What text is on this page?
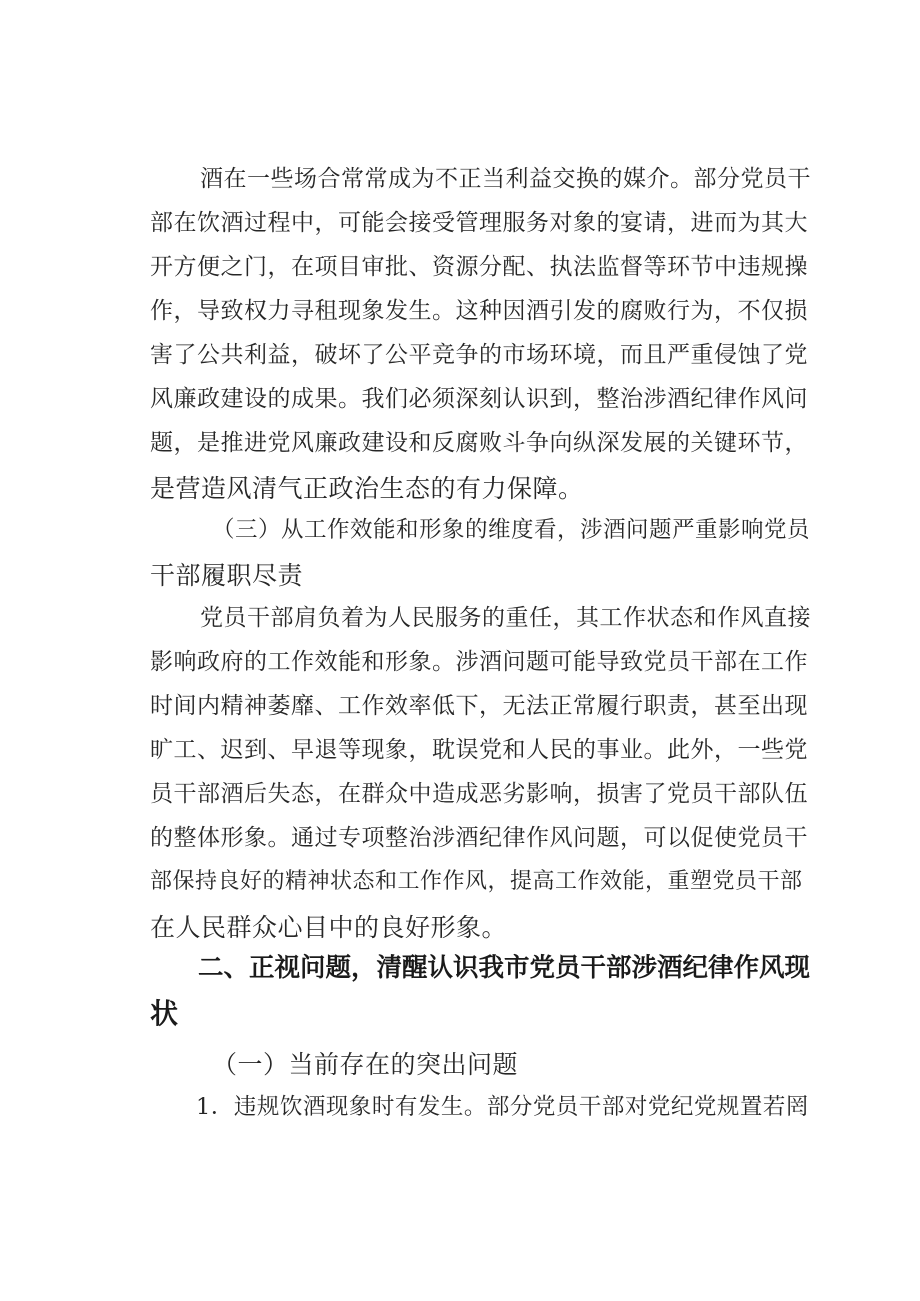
酒在一些场合常常成为不正当利益交换的媒介。部分党员干
部在饮酒过程中，可能会接受管理服务对象的宴请，进而为其大
开方便之门，在项目审批、资源分配、执法监督等环节中违规操
作，导致权力寻租现象发生。这种因酒引发的腐败行为，不仅损
害了公共利益，破坏了公平竞争的市场环境，而且严重侵蚀了党
风廉政建设的成果。我们必须深刻认识到，整治涉酒纪律作风问
题，是推进党风廉政建设和反腐败斗争向纵深发展的关键环节，
是营造风清气正政治生态的有力保障。
（三）从工作效能和形象的维度看，涉酒问题严重影响党员
干部履职尽责
党员干部肩负着为人民服务的重任，其工作状态和作风直接
影响政府的工作效能和形象。涉酒问题可能导致党员干部在工作
时间内精神萎靡、工作效率低下，无法正常履行职责，甚至出现
旷工、迟到、早退等现象，耽误党和人民的事业。此外，一些党
员干部酒后失态，在群众中造成恶劣影响，损害了党员干部队伍
的整体形象。通过专项整治涉酒纪律作风问题，可以促使党员干
部保持良好的精神状态和工作作风，提高工作效能，重塑党员干部
在人民群众心目中的良好形象。
二、正视问题，清醒认识我市党员干部涉酒纪律作风现
状
（一）当前存在的突出问题
1．违规饮酒现象时有发生。部分党员干部对党纪党规置若罔
